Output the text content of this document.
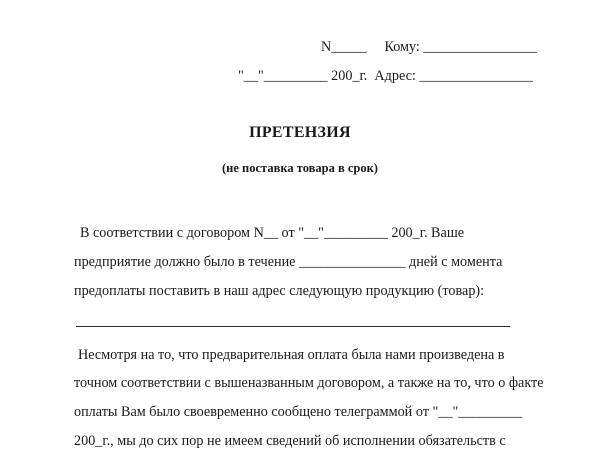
N_____     Кому: ________________
"__"_________ 200_г.  Адрес: ________________
ПРЕТЕНЗИЯ
(не поставка товара в срок)
В соответствии с договором N__ от "__"_________ 200_г. Ваше
предприятие должно было в течение _______________ дней с момента
предоплаты поставить в наш адрес следующую продукцию (товар):
Несмотря на то, что предварительная оплата была нами произведена в
точном соответствии с вышеназванным договором, а также на то, что о факте
оплаты Вам было своевременно сообщено телеграммой от "__"_________
200_г., мы до сих пор не имеем сведений об исполнении обязательств с
